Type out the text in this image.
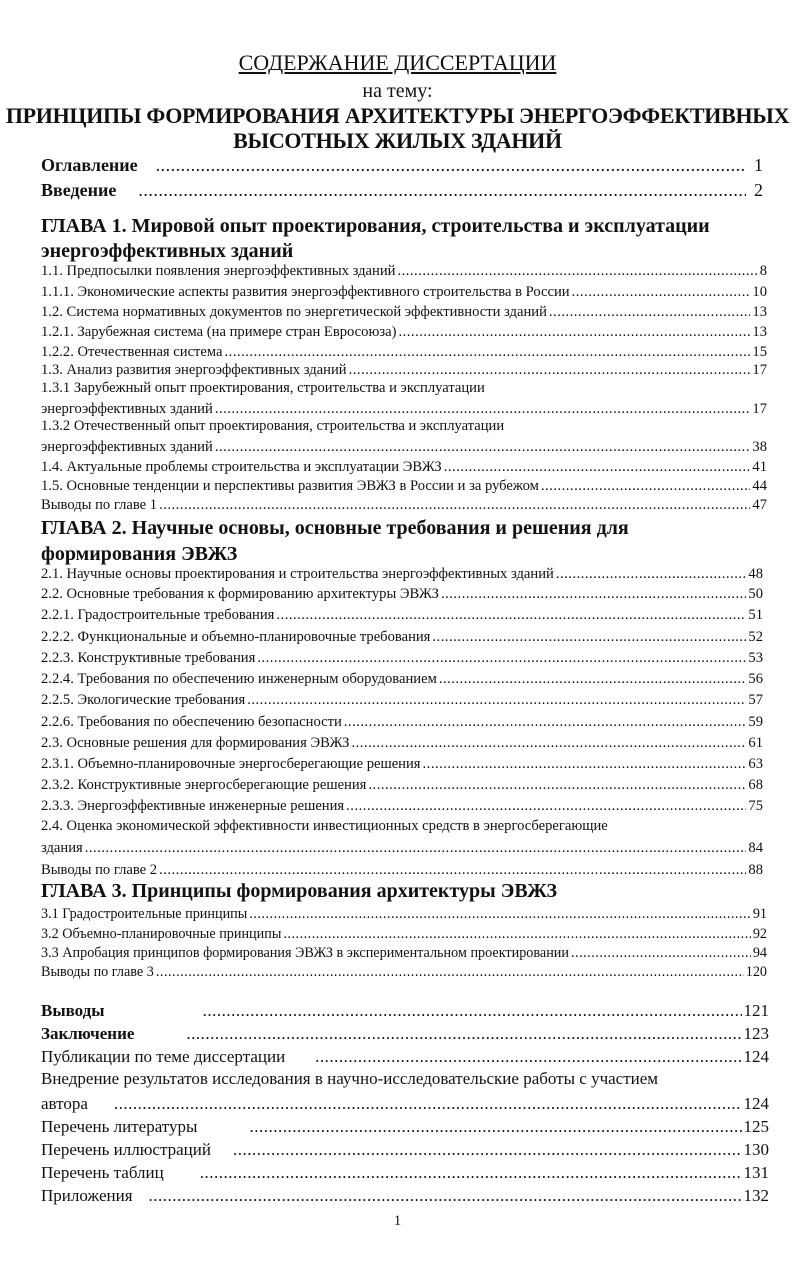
СОДЕРЖАНИЕ ДИССЕРТАЦИИ
на тему:
ПРИНЦИПЫ ФОРМИРОВАНИЯ АРХИТЕКТУРЫ ЭНЕРГОЭФФЕКТИВНЫХ
ВЫСОТНЫХ ЖИЛЫХ ЗДАНИЙ
Оглавление .....	1
Введение .....	2
ГЛАВА 1. Мировой опыт проектирования, строительства и эксплуатации
энергоэффективных зданий
1.1. Предпосылки появления энергоэффективных зданий .....	8
1.1.1. Экономические аспекты развития энергоэффективного строительства в России .....	10
1.2. Система нормативных документов по энергетической эффективности зданий .....	13
1.2.1. Зарубежная система (на примере стран Евросоюза) .....	13
1.2.2. Отечественная система .....	15
1.3. Анализ развития энергоэффективных зданий .....	17
1.3.1 Зарубежный опыт проектирования, строительства и эксплуатации
энергоэффективных зданий .....	17
1.3.2 Отечественный опыт проектирования, строительства и эксплуатации
энергоэффективных зданий .....	38
1.4. Актуальные проблемы строительства и эксплуатации ЭВЖЗ .....	41
1.5. Основные тенденции и перспективы развития ЭВЖЗ в России и за рубежом .....	44
Выводы по главе 1 .....	47
ГЛАВА 2. Научные основы, основные требования и решения для
формирования ЭВЖЗ
2.1. Научные основы проектирования и строительства энергоэффективных зданий .....	48
2.2. Основные требования к формированию архитектуры ЭВЖЗ .....	50
2.2.1. Градостроительные требования .....	51
2.2.2. Функциональные и объемно-планировочные требования .....	52
2.2.3. Конструктивные требования .....	53
2.2.4. Требования по обеспечению инженерным оборудованием .....	56
2.2.5. Экологические требования .....	57
2.2.6. Требования по обеспечению безопасности .....	59
2.3. Основные решения для формирования ЭВЖЗ .....	61
2.3.1. Объемно-планировочные энергосберегающие решения .....	63
2.3.2. Конструктивные энергосберегающие решения .....	68
2.3.3. Энергоэффективные инженерные решения .....	75
2.4. Оценка экономической эффективности инвестиционных средств в энергосберегающие
здания .....	84
Выводы по главе 2 .....	88
ГЛАВА 3. Принципы формирования архитектуры ЭВЖЗ
3.1 Градостроительные принципы .....	91
3.2 Объемно-планировочные принципы .....	92
3.3 Апробация принципов формирования ЭВЖЗ в экспериментальном проектировании .....	94
Выводы по главе 3 .....	120
Выводы .....	121
Заключение .....	123
Публикации по теме диссертации .....	124
Внедрение результатов исследования в научно-исследовательские работы с участием
автора .....	124
Перечень литературы .....	125
Перечень иллюстраций .....	130
Перечень таблиц .....	131
Приложения .....	132
1
